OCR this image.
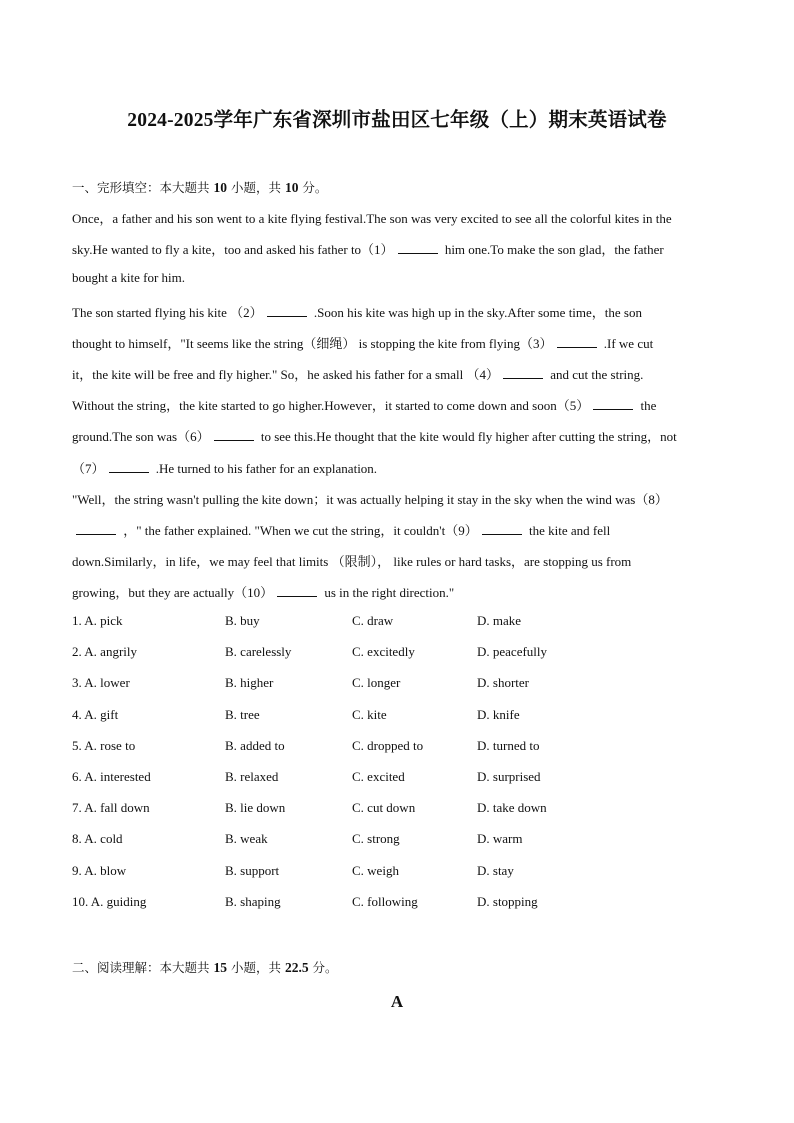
2024-2025学年广东省深圳市盐田区七年级（上）期末英语试卷
一、完形填空：本大题共 10 小题，共 10 分。
Once，a father and his son went to a kite flying festival.The son was very excited to see all the colorful kites in the
sky.He wanted to fly a kite，too and asked his father to（1）	him one.To make the son glad，the father
bought a kite for him.
The son started flying his kite （2）	.Soon his kite was high up in the sky.After some time，the son
thought to himself，"It seems like the string（细绳） is stopping the kite from flying（3）	.If we cut
it，the kite will be free and fly higher." So，he asked his father for a small （4）	and cut the string.
Without the string，the kite started to go higher.However，it started to come down and soon（5）	the
ground.The son was（6）	to see this.He thought that the kite would fly higher after cutting the string，not
（7）	.He turned to his father for an explanation.
"Well，the string wasn't pulling the kite down；it was actually helping it stay in the sky when the wind was（8）
，" the father explained. "When we cut the string，it couldn't（9）	the kite and fell
down.Similarly，in life，we may feel that limits （限制）， like rules or hard tasks，are stopping us from
growing，but they are actually（10）	us in the right direction."
1. A. pick	B. buy	C. draw	D. make
2. A. angrily	B. carelessly	C. excitedly	D. peacefully
3. A. lower	B. higher	C. longer	D. shorter
4. A. gift	B. tree	C. kite	D. knife
5. A. rose to	B. added to	C. dropped to	D. turned to
6. A. interested	B. relaxed	C. excited	D. surprised
7. A. fall down	B. lie down	C. cut down	D. take down
8. A. cold	B. weak	C. strong	D. warm
9. A. blow	B. support	C. weigh	D. stay
10. A. guiding	B. shaping	C. following	D. stopping
二、阅读理解：本大题共 15 小题，共 22.5 分。
A
